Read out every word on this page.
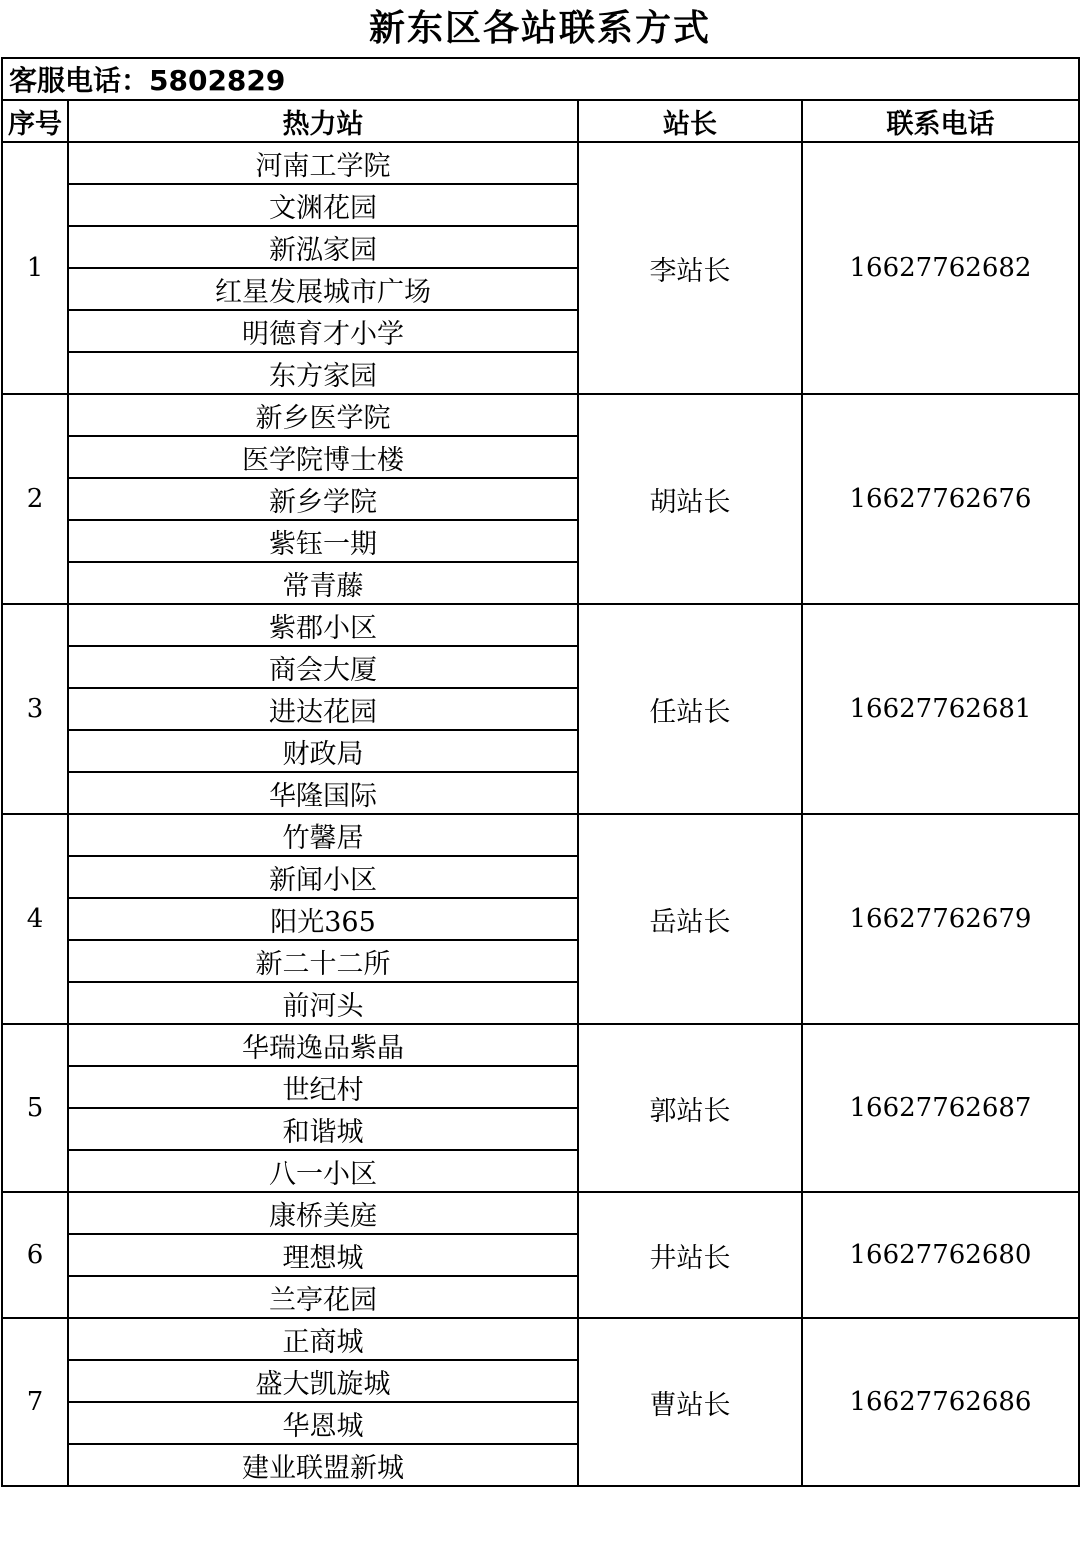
新东区各站联系方式
客服电话：5802829			
序号	热力站	站长	联系电话
1	河南工学院	李站长	16627762682
	文渊花园		
	新泓家园		
	红星发展城市广场		
	明德育才小学		
	东方家园		
2	新乡医学院	胡站长	16627762676
	医学院博士楼		
	新乡学院		
	紫钰一期		
	常青藤		
3	紫郡小区	任站长	16627762681
	商会大厦		
	进达花园		
	财政局		
	华隆国际		
4	竹馨居	岳站长	16627762679
	新闻小区		
	阳光365		
	新二十二所		
	前河头		
5	华瑞逸品紫晶	郭站长	16627762687
	世纪村		
	和谐城		
	八一小区		
6	康桥美庭	井站长	16627762680
	理想城		
	兰亭花园		
7	正商城	曹站长	16627762686
	盛大凯旋城		
	华恩城		
	建业联盟新城		
